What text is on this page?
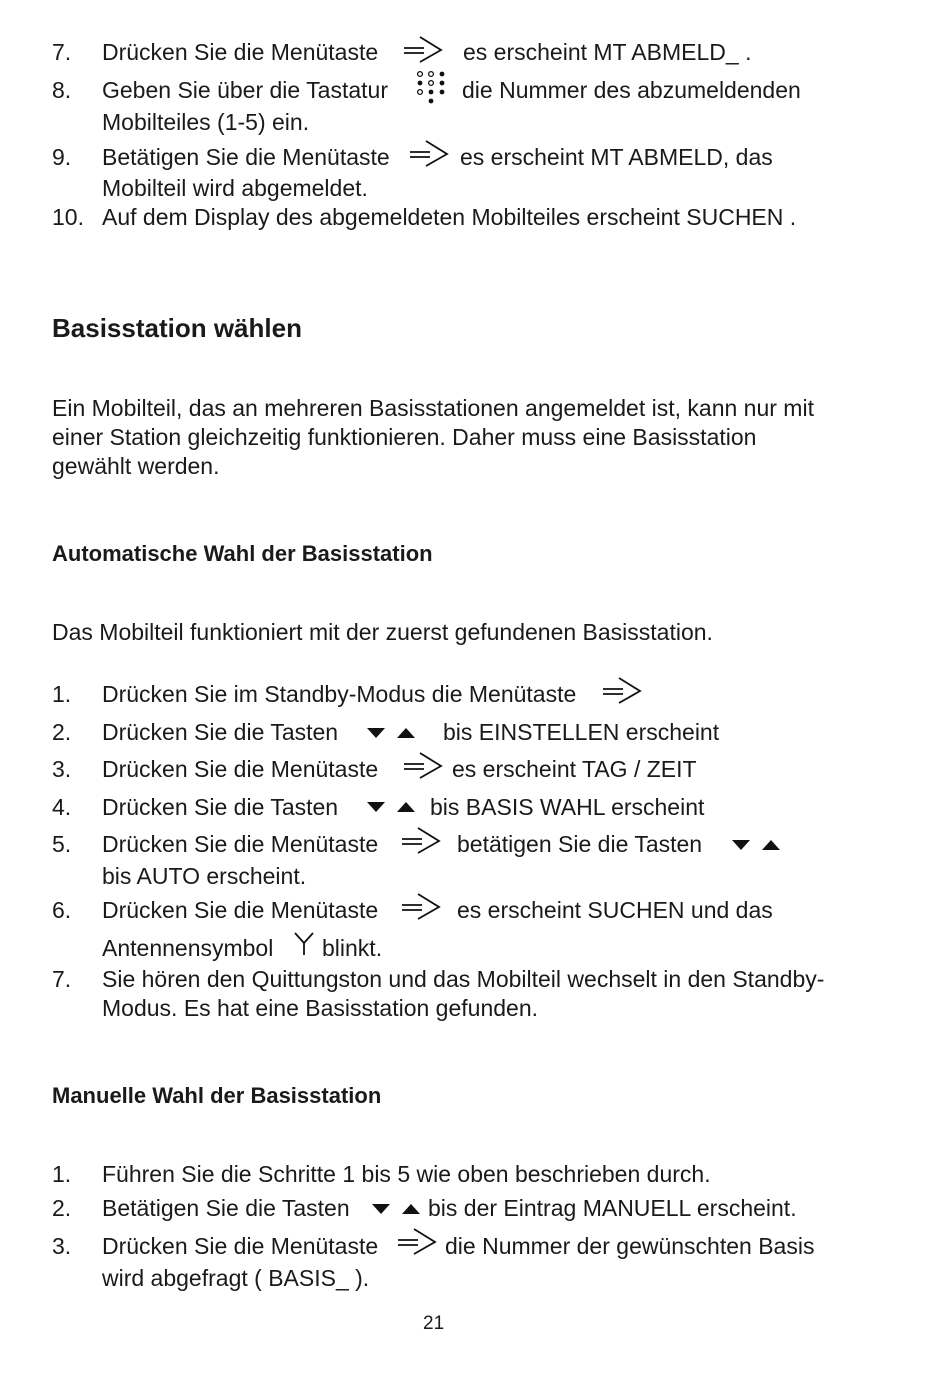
7. Drücken Sie die Menütaste	es erscheint MT ABMELD_ .
8. Geben Sie über die Tastatur	die Nummer des abzumeldenden
Mobilteiles (1-5) ein.
9. Betätigen Sie die Menütaste	es erscheint MT ABMELD, das
Mobilteil wird abgemeldet.
10. Auf dem Display des abgemeldeten Mobilteiles erscheint SUCHEN .
Basisstation wählen
Ein Mobilteil, das an mehreren Basisstationen angemeldet ist, kann nur mit
einer Station gleichzeitig funktionieren. Daher muss eine Basisstation
gewählt werden.
Automatische Wahl der Basisstation
Das Mobilteil funktioniert mit der zuerst gefundenen Basisstation.
1. Drücken Sie im Standby-Modus die Menütaste
2. Drücken Sie die Tasten	bis EINSTELLEN erscheint
3. Drücken Sie die Menütaste	es erscheint TAG / ZEIT
4. Drücken Sie die Tasten	bis BASIS WAHL erscheint
5. Drücken Sie die Menütaste	betätigen Sie die Tasten
bis AUTO erscheint.
6. Drücken Sie die Menütaste	es erscheint SUCHEN und das
Antennensymbol blinkt.
7. Sie hören den Quittungston und das Mobilteil wechselt in den Standby-
Modus. Es hat eine Basisstation gefunden.
Manuelle Wahl der Basisstation
1. Führen Sie die Schritte 1 bis 5 wie oben beschrieben durch.
2. Betätigen Sie die Tasten	bis der Eintrag MANUELL erscheint.
3. Drücken Sie die Menütaste	die Nummer der gewünschten Basis
wird abgefragt ( BASIS_ ).
21
